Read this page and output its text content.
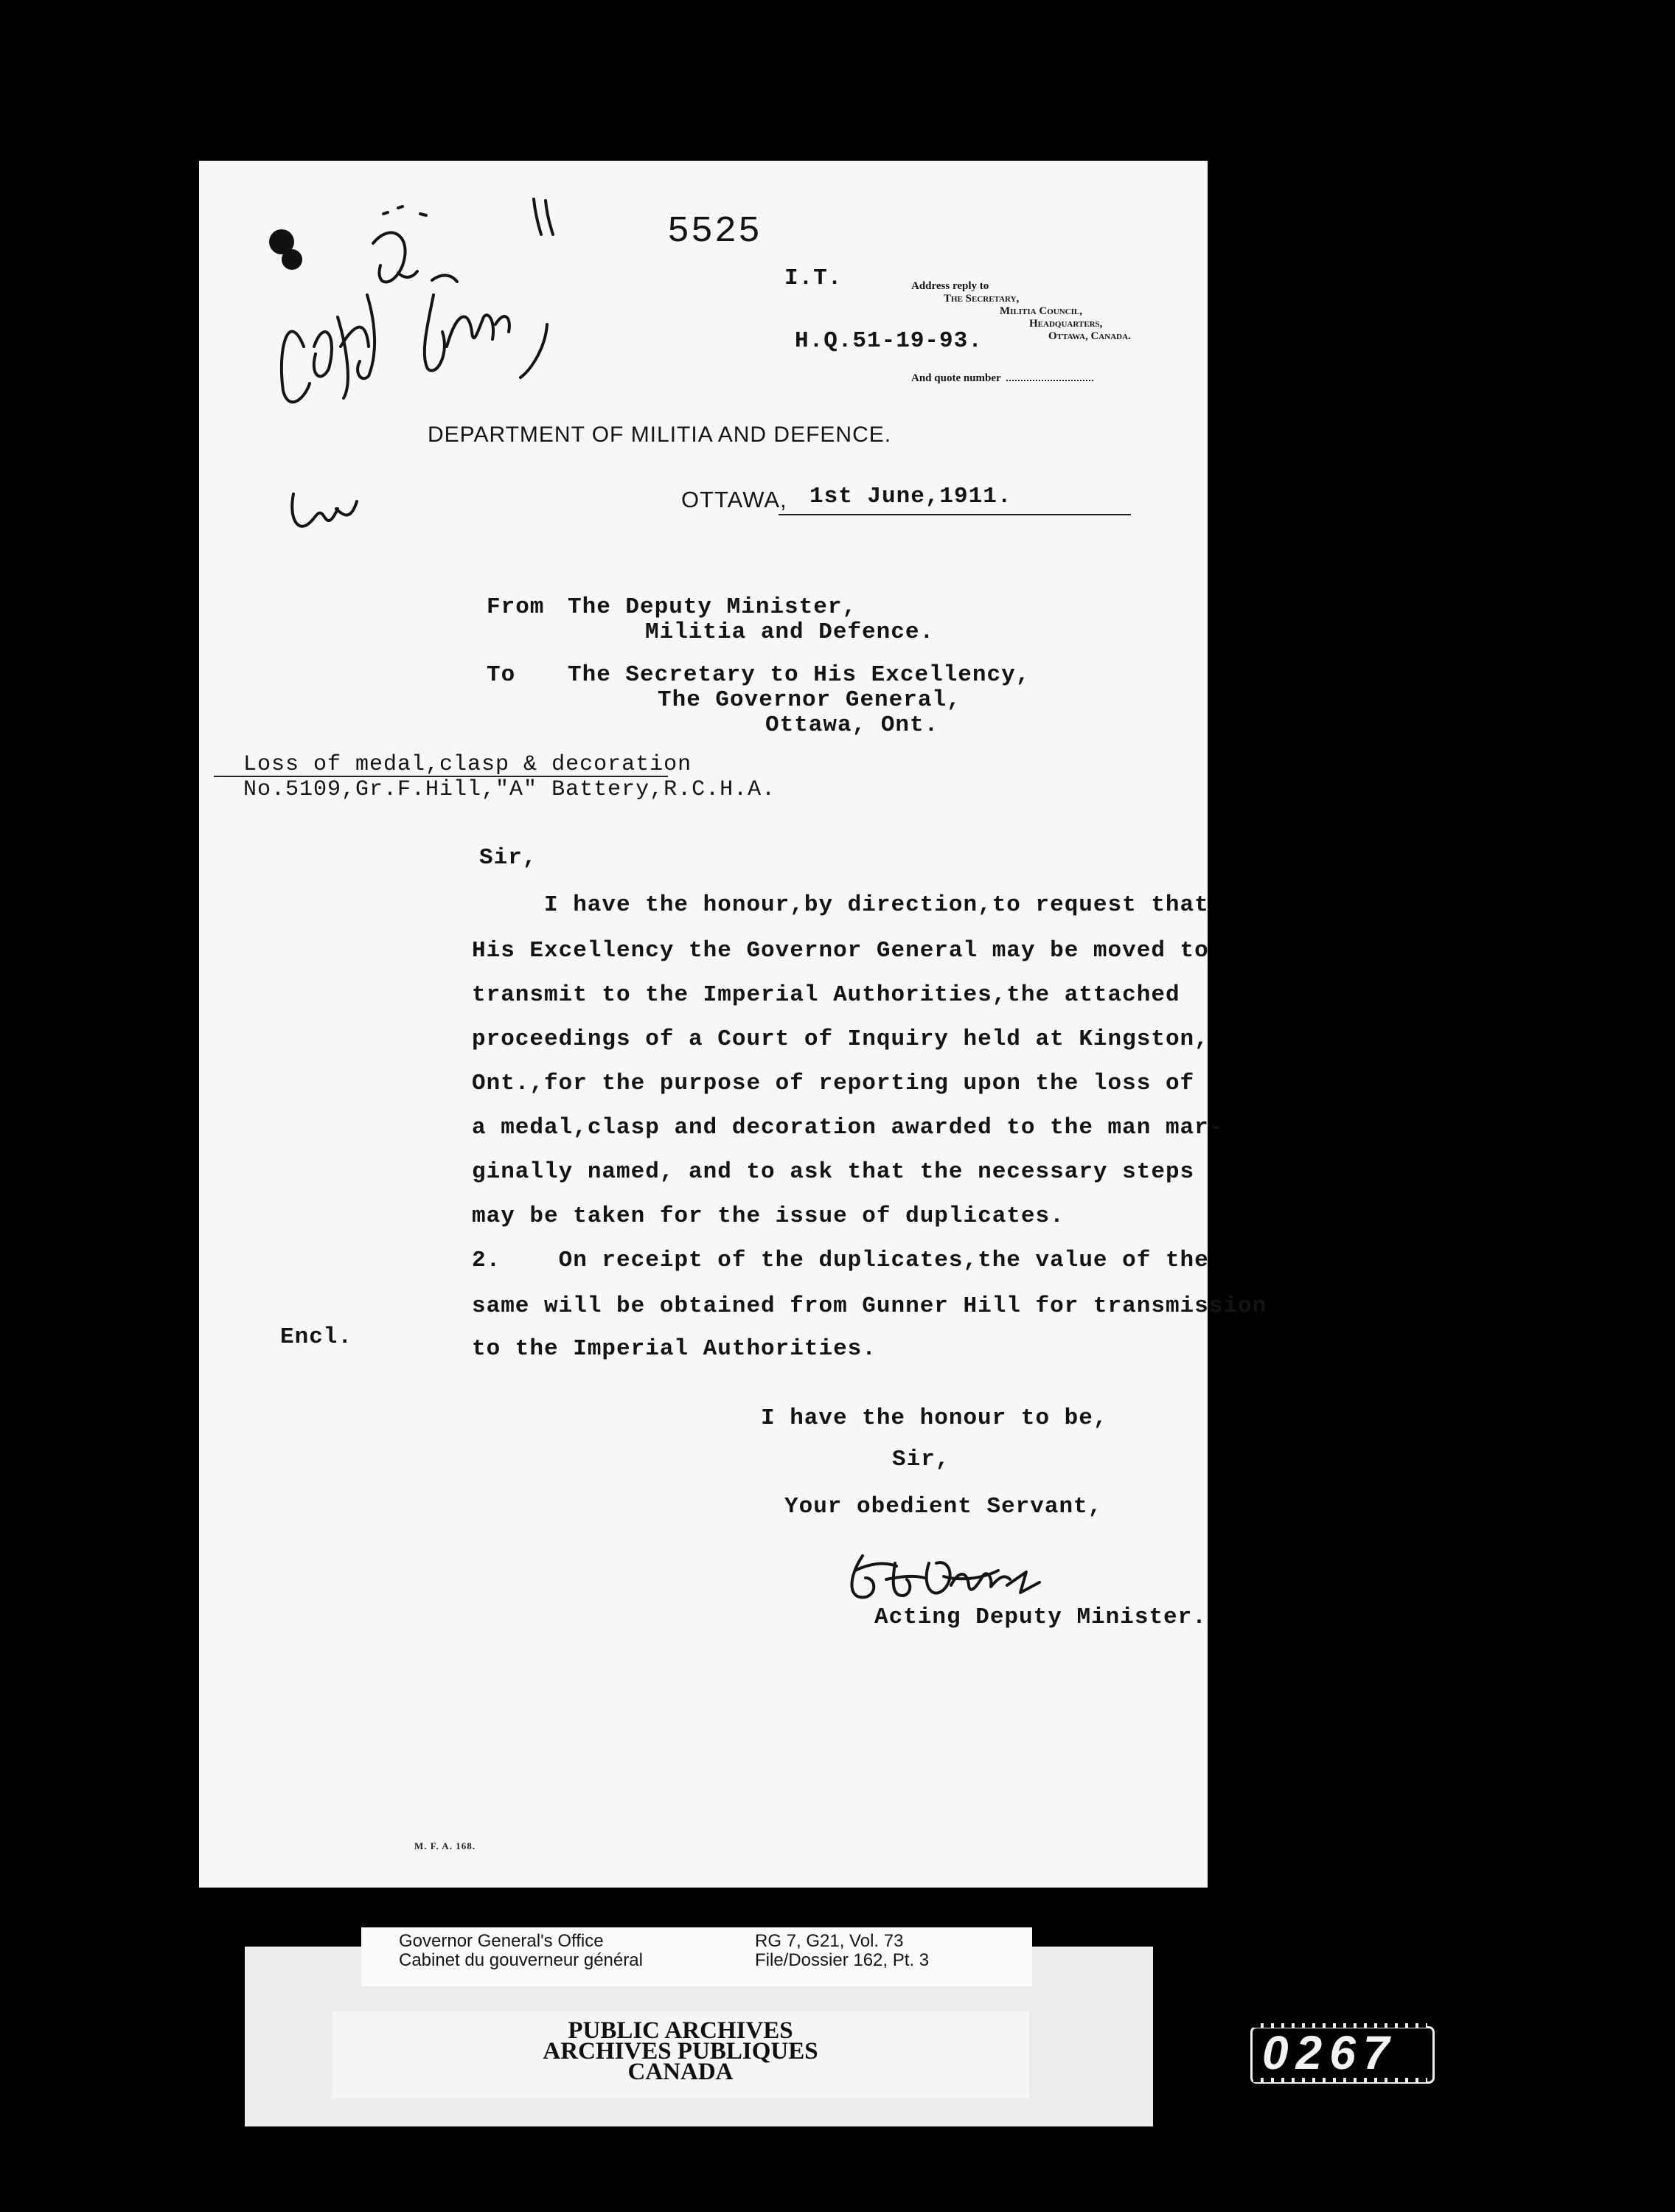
5525
I.T.
H.Q.51-19-93.
Address reply to
The Secretary,
Militia Council,
Headquarters,
Ottawa, Canada.
And quote number
DEPARTMENT OF MILITIA AND DEFENCE.
OTTAWA, 1st June,1911.
From The Deputy Minister,
Militia and Defence.
To The Secretary to His Excellency,
The Governor General,
Ottawa, Ont.
Loss of medal,clasp & decoration
No.5109,Gr.F.Hill,"A" Battery,R.C.H.A.
Sir,
I have the honour,by direction,to request that
His Excellency the Governor General may be moved to
transmit to the Imperial Authorities,the attached
proceedings of a Court of Inquiry held at Kingston,
Ont.,for the purpose of reporting upon the loss of
a medal,clasp and decoration awarded to the man mar-
ginally named, and to ask that the necessary steps
may be taken for the issue of duplicates.
2.    On receipt of the duplicates,the value of the
same will be obtained from Gunner Hill for transmission
to the Imperial Authorities.
Encl.
I have the honour to be,
Sir,
Your obedient Servant,
Acting Deputy Minister.
M. F. A. 168.
Governor General's Office
Cabinet du gouverneur général
RG 7, G21, Vol. 73
File/Dossier 162, Pt. 3
PUBLIC ARCHIVES
ARCHIVES PUBLIQUES
CANADA	0267
